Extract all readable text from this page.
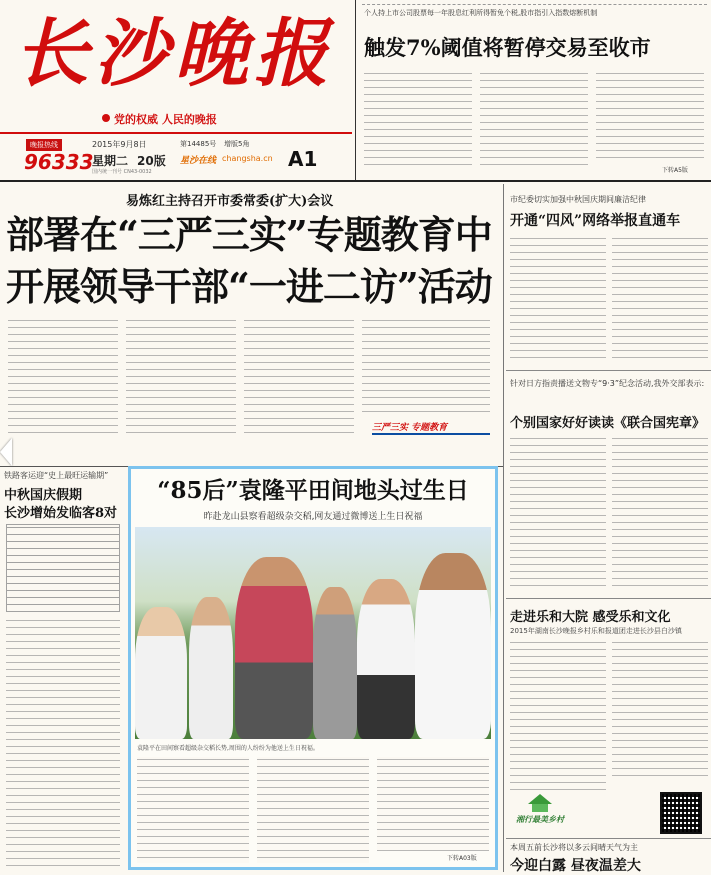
长沙晚报
党的权威 人民的晚报
晚报热线
96333
2015年9月8日
星期二 20版
第14485号 增版5角
星沙在线 changsha.cn A1
国内统一刊号 CN43-0032
个人持上市公司股票每一年股息红利所得暂免个税,股市指引入指数熔断机制
触发7%阈值将暂停交易至收市
下转A5版
易炼红主持召开市委常委(扩大)会议
部署在“三严三实”专题教育中
开展领导干部“一进二访”活动
三严三实 专题教育
市纪委切实加强中秋国庆期间廉洁纪律
开通“四风”网络举报直通车
针对日方指责播送文物专“9·3”纪念活动,我外交部表示:
个别国家好好读读《联合国宪章》
走进乐和大院 感受乐和文化
2015年湖南长沙晚报乡村乐和报道团走进长沙县白沙镇
湘行最美乡村
本周五前长沙将以多云间晴天气为主
今迎白露 昼夜温差大
铁路客运迎“史上最旺运输期”
中秋国庆假期
长沙增始发临客8对
“85后”袁隆平田间地头过生日
昨赴龙山县察看超级杂交稻,网友通过微博送上生日祝福
袁隆平在田间察看超级杂交稻长势,周围的人纷纷为他送上生日祝福。
下转A03版
